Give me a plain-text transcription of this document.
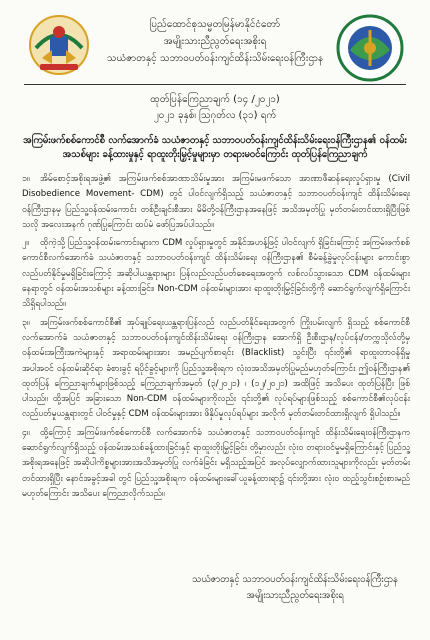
ပြည်ထောင်စုသမ္မတမြန်မာနိုင်ငံတော်
အမျိုးသားညီညွတ်ရေးအစိုးရ
သယံဇာတနှင့် သဘာဝပတ်ဝန်းကျင်ထိန်းသိမ်းရေးဝန်ကြီးဌာန
ထုတ်ပြန်ကြေညာချက် (၁၄ /၂၀၂၁)
၂၀၂၁ ခုနှစ်၊ ဩဂုတ်လ (၃၁) ရက်
အကြမ်းဖက်စစ်ကောင်စီ လက်အောက်ခံ သယံဇာတနှင့် သဘာဝပတ်ဝန်းကျင်ထိန်းသိမ်းရေးဝန်ကြီးဌာန၏ ဝန်ထမ်းအသစ်များ ခန့်ထားမှုနှင့် ရာထူးတိုးမြှင့်မှုများမှာ တရားမဝင်ကြောင်း ထုတ်ပြန်ကြေညာချက်

၁။ အိမ်စောင့်အစိုးရအဖွဲ့၏ အကြမ်းဖက်စစ်အာဏာသိမ်းမှုအား အကြမ်းမဖက်သော အာဏာဖီဆန်ရေးလှုပ်ရှားမှု (Civil Disobedience Movement- CDM) တွင် ပါဝင်လျက်ရှိသည့် သယံဇာတနှင့် သဘာဝပတ်ဝန်းကျင် ထိန်းသိမ်းရေးဝန်ကြီးဌာနမှ ပြည်သူ့ဝန်ထမ်းကောင်း တစ်ဦးချင်းစီအား မိမိတို့ဝန်ကြီးဌာနအနေဖြင့် အသိအမှတ်ပြု မှတ်တမ်းတင်ထားရှိပြီးဖြစ်သလို အလေးအနက် ဂုဏ်ပြုကြောင်း ထပ်မံ ဖော်ပြအပ်ပါသည်။

၂။ ထိုကဲ့သို့ ပြည်သူ့ဝန်ထမ်းကောင်းများက CDM လှုပ်ရှားမှုတွင် အနိုင်အဟန့်ဖြင့် ပါဝင်လျက် ရှိခြင်းကြောင့် အကြမ်းဖက်စစ်ကောင်စီလက်အောက်ခံ သယံဇာတနှင့် သဘာဝပတ်ဝန်းကျင် ထိန်းသိမ်းရေး ဝန်ကြီးဌာန၏ စီမံခန့်ခွဲမှုလုပ်ငန်းများ ကောင်းစွာလည်ပတ်နိုင်မှုမရှိခြင်းကြောင့် အဆိုပါယန္တရားများ ပြန်လည်လည်ပတ်စေရေးအတွက် လစ်လပ်သွားသော CDM ဝန်ထမ်းများနေရာတွင် ဝန်ထမ်းအသစ်များ ခန့်ထားခြင်း၊ Non-CDM ဝန်ထမ်းများအား ရာထူးတိုးမြှင့်ခြင်းတို့ကို ဆောင်ရွက်လျက်ရှိကြောင်း သိရှိရပါသည်။

၃။ အကြမ်းဖက်စစ်ကောင်စီ၏ အုပ်ချုပ်ရေးယန္တရားပြန်လည် လည်ပတ်နိုင်ရေးအတွက် ကြိုးပမ်းလျက် ရှိသည့် စစ်ကောင်စီလက်အောက်ခံ သယံဇာတနှင့် သဘာဝပတ်ဝန်းကျင်ထိန်းသိမ်းရေး ဝန်ကြီးဌာန အောက်ရှိ ဦးစီးဌာန/လုပ်ငန်း/တက္ကသိုလ်တို့မှ ဝန်ထမ်းအကြီးအကဲများနှင့် အရာထမ်းများအား အမည်ပျက်စာရင်း (Blacklist) သွင်းပြီး ၎င်းတို့၏ ရာထူးတာဝန်ရှိမှု အပါအဝင် ဝန်ထမ်းဆိုင်ရာ ခံစားခွင့် ရပိုင်ခွင့်များကို ပြည်သူ့အစိုးရက လုံးဝအသိအမှတ်ပြုမည်မဟုတ်ကြောင်း ဤဝန်ကြီးဌာန၏ ထုတ်ပြန် ကြေညာချက်များဖြစ်သည့် ကြေညာချက်အမှတ် (၃/၂၀၂၁) ၊ (၁၂/၂၀၂၁) အထိဖြင့် အသိပေး ထုတ်ပြန်ပြီး ဖြစ်ပါသည်။ ထို့အပြင် အခြားသော Non-CDM ဝန်ထမ်းများကိုလည်း ၎င်းတို့၏ လုပ်ရပ်များဖြစ်သည့် စစ်ကောင်စီ၏လုပ်ငန်းလည်ပတ်မှုယန္တရားတွင် ပါဝင်မှုနှင့် CDM ဝန်ထမ်းများအား ဖိနှိပ်မှုလုပ်ရပ်များ အလိုက် မှတ်တမ်းတင်ထားရှိလျက် ရှိပါသည်။

၄။ ထို့ကြောင့် အကြမ်းဖက်စစ်ကောင်စီ လက်အောက်ခံ သယံဇာတနှင့် သဘာဝပတ်ဝန်းကျင် ထိန်းသိမ်းရေးဝန်ကြီးဌာနက ဆောင်ရွက်လျက်ရှိသည့် ဝန်ထမ်းအသစ်ခန့်ထားခြင်းနှင့် ရာထူးတိုးမြှင့်ခြင်း တို့မှာလည်း လုံးဝ တရားဝင်မှုမရှိကြောင်းနှင့် ပြည်သူ့အစိုးရအနေဖြင့် အဆိုပါကိစ္စများအားအသိအမှတ်ပြု လက်ခံခြင်း မရှိသည့်အပြင် အလုပ်လျှောက်ထားသူများကိုလည်း မှတ်တမ်းတင်ထားရှိပြီး နောင်အခွင့်အခါ တွင် ပြည်သူ့အစိုးရက ဝန်ထမ်းများခေါ်ယူခန့်ထားရာ၌ ၎င်းတို့အား လုံးဝ ထည့်သွင်းစဉ်းစားမည် မဟုတ်ကြောင်း အသိပေး ကြေညာလိုက်သည်။

သယံဇာတနှင့် သဘာဝပတ်ဝန်းကျင်ထိန်းသိမ်းရေးဝန်ကြီးဌာန
အမျိုးသားညီညွတ်ရေးအစိုးရ
